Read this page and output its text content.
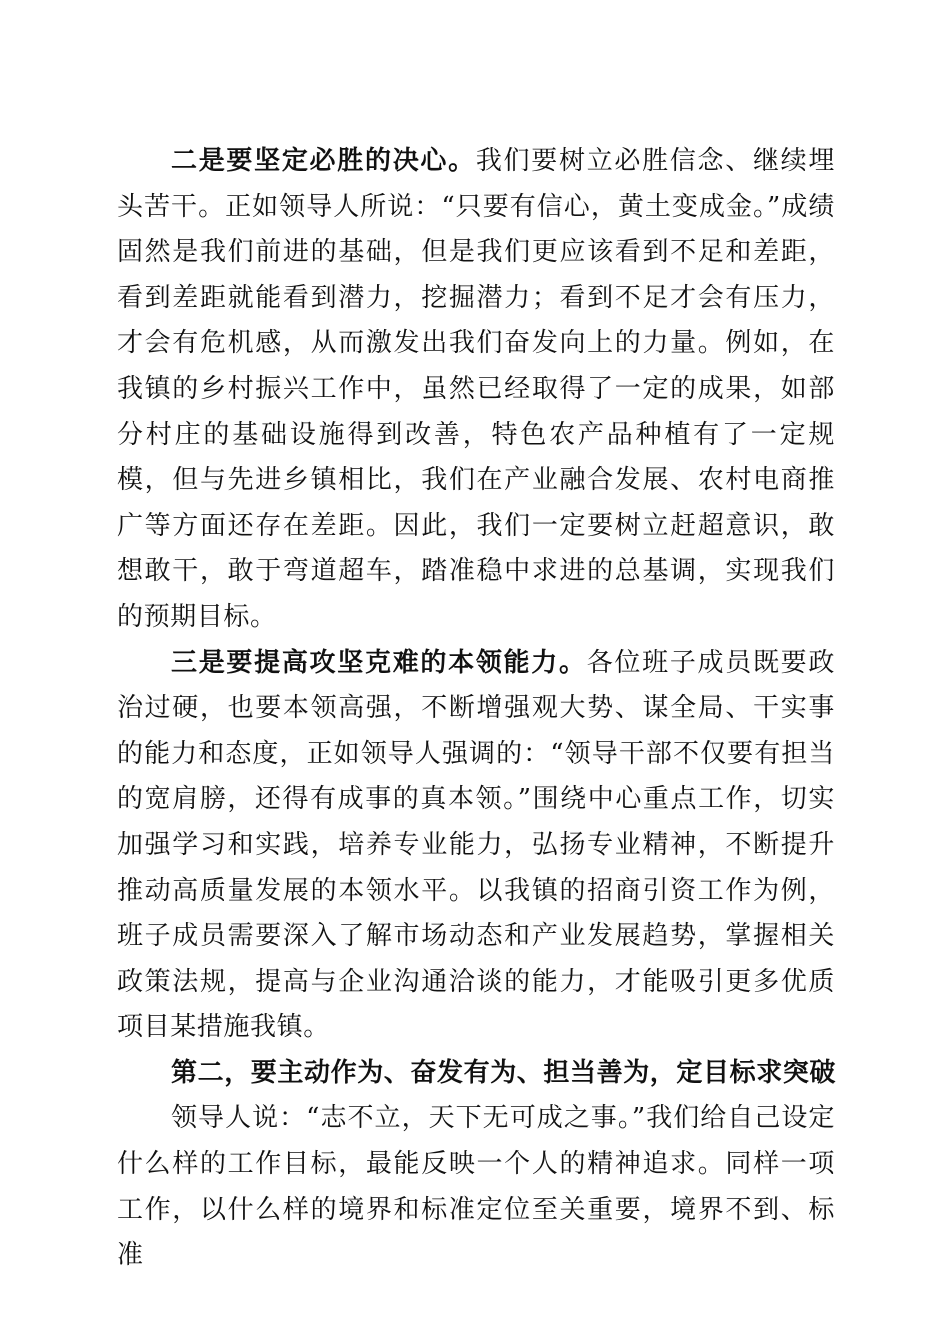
二是要坚定必胜的决心。我们要树立必胜信念、继续埋头苦干。正如领导人所说：“只要有信心，黄土变成金。”成绩固然是我们前进的基础，但是我们更应该看到不足和差距，看到差距就能看到潜力，挖掘潜力；看到不足才会有压力，才会有危机感，从而激发出我们奋发向上的力量。例如，在我镇的乡村振兴工作中，虽然已经取得了一定的成果，如部分村庄的基础设施得到改善，特色农产品种植有了一定规模，但与先进乡镇相比，我们在产业融合发展、农村电商推广等方面还存在差距。因此，我们一定要树立赶超意识，敢想敢干，敢于弯道超车，踏准稳中求进的总基调，实现我们的预期目标。

三是要提高攻坚克难的本领能力。各位班子成员既要政治过硬，也要本领高强，不断增强观大势、谋全局、干实事的能力和态度，正如领导人强调的：“领导干部不仅要有担当的宽肩膀，还得有成事的真本领。”围绕中心重点工作，切实加强学习和实践，培养专业能力，弘扬专业精神，不断提升推动高质量发展的本领水平。以我镇的招商引资工作为例，班子成员需要深入了解市场动态和产业发展趋势，掌握相关政策法规，提高与企业沟通洽谈的能力，才能吸引更多优质项目某措施我镇。

第二，要主动作为、奋发有为、担当善为，定目标求突破

领导人说：“志不立，天下无可成之事。”我们给自己设定什么样的工作目标，最能反映一个人的精神追求。同样一项工作，以什么样的境界和标准定位至关重要，境界不到、标准
